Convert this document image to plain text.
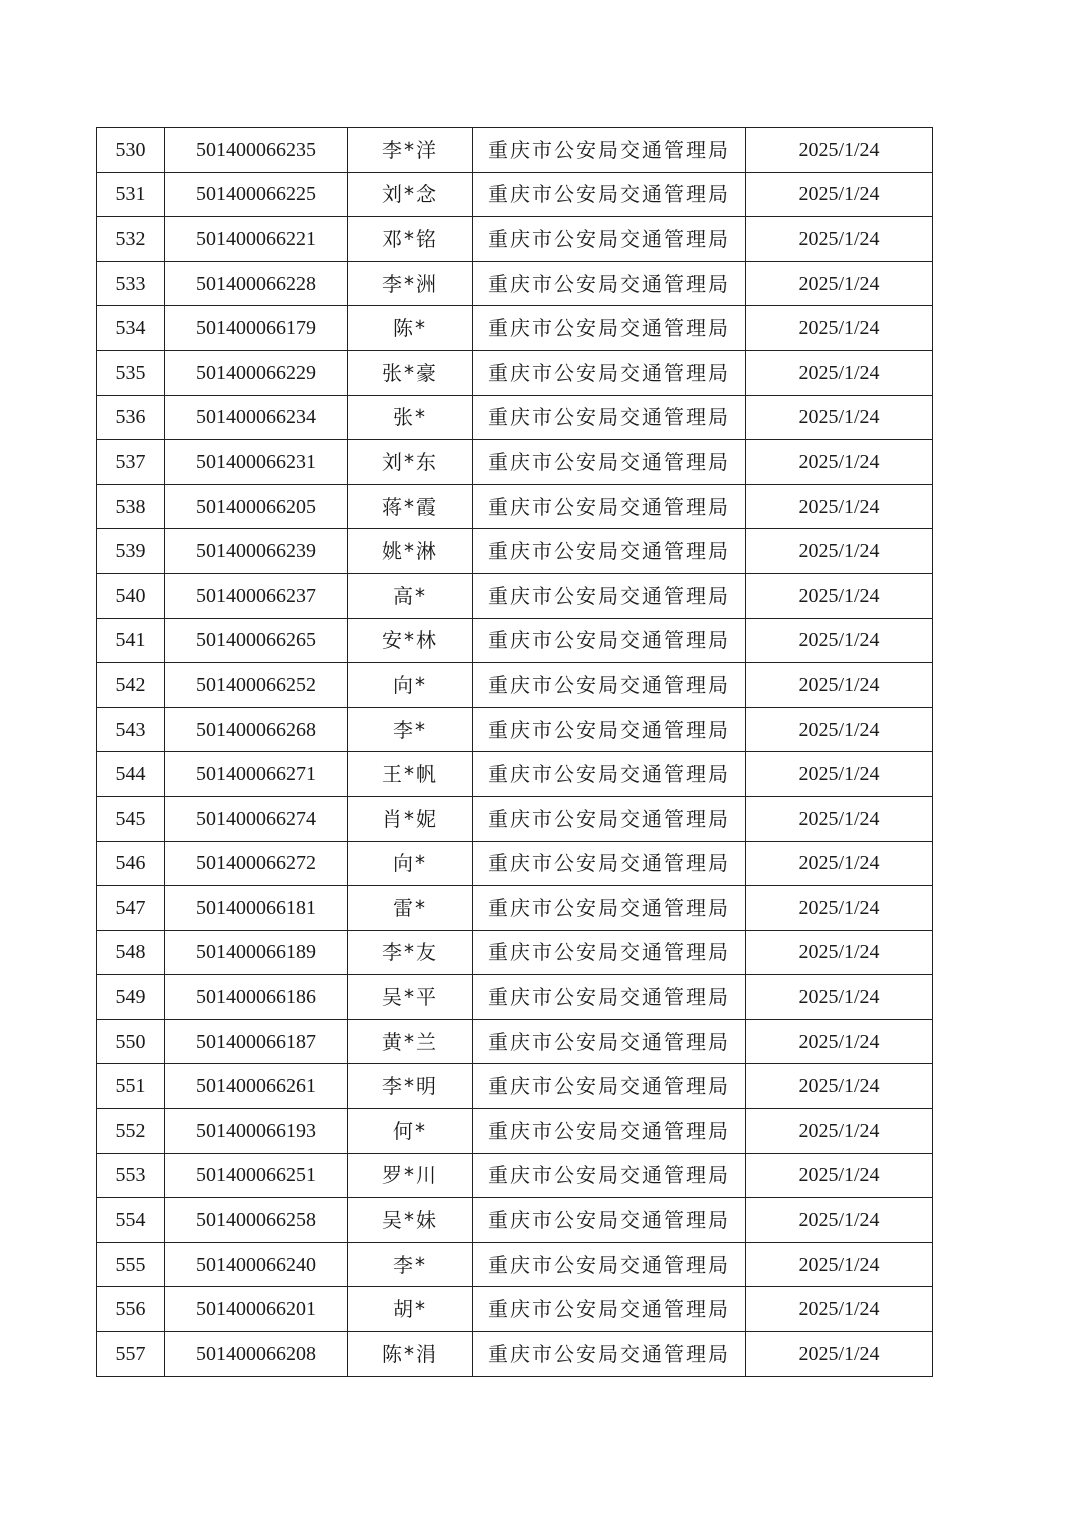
530	501400066235	李*洋	重庆市公安局交通管理局	2025/1/24
531	501400066225	刘*念	重庆市公安局交通管理局	2025/1/24
532	501400066221	邓*铭	重庆市公安局交通管理局	2025/1/24
533	501400066228	李*洲	重庆市公安局交通管理局	2025/1/24
534	501400066179	陈*	重庆市公安局交通管理局	2025/1/24
535	501400066229	张*豪	重庆市公安局交通管理局	2025/1/24
536	501400066234	张*	重庆市公安局交通管理局	2025/1/24
537	501400066231	刘*东	重庆市公安局交通管理局	2025/1/24
538	501400066205	蒋*霞	重庆市公安局交通管理局	2025/1/24
539	501400066239	姚*淋	重庆市公安局交通管理局	2025/1/24
540	501400066237	高*	重庆市公安局交通管理局	2025/1/24
541	501400066265	安*林	重庆市公安局交通管理局	2025/1/24
542	501400066252	向*	重庆市公安局交通管理局	2025/1/24
543	501400066268	李*	重庆市公安局交通管理局	2025/1/24
544	501400066271	王*帆	重庆市公安局交通管理局	2025/1/24
545	501400066274	肖*妮	重庆市公安局交通管理局	2025/1/24
546	501400066272	向*	重庆市公安局交通管理局	2025/1/24
547	501400066181	雷*	重庆市公安局交通管理局	2025/1/24
548	501400066189	李*友	重庆市公安局交通管理局	2025/1/24
549	501400066186	吴*平	重庆市公安局交通管理局	2025/1/24
550	501400066187	黄*兰	重庆市公安局交通管理局	2025/1/24
551	501400066261	李*明	重庆市公安局交通管理局	2025/1/24
552	501400066193	何*	重庆市公安局交通管理局	2025/1/24
553	501400066251	罗*川	重庆市公安局交通管理局	2025/1/24
554	501400066258	吴*妹	重庆市公安局交通管理局	2025/1/24
555	501400066240	李*	重庆市公安局交通管理局	2025/1/24
556	501400066201	胡*	重庆市公安局交通管理局	2025/1/24
557	501400066208	陈*涓	重庆市公安局交通管理局	2025/1/24
